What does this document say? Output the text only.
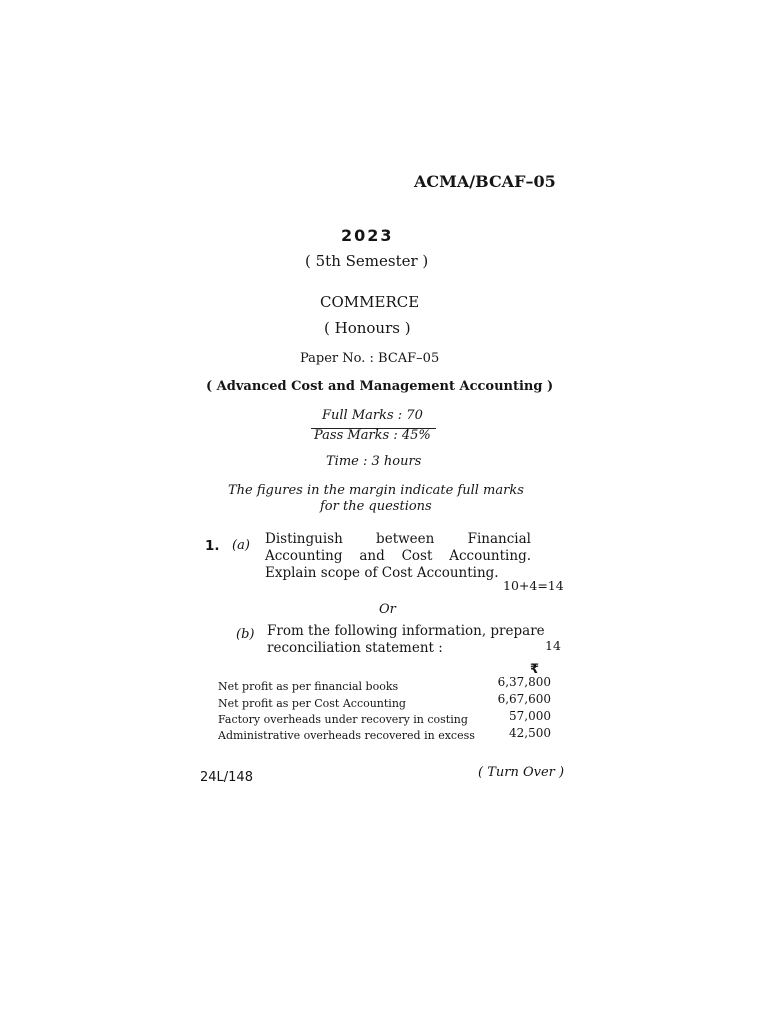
ACMA/BCAF–05
2023
( 5th Semester )
COMMERCE
( Honours )
Paper No. : BCAF–05
( Advanced Cost and Management Accounting )
Full Marks : 70
Pass Marks : 45%
Time : 3 hours
The figures in the margin indicate full marks
for the questions
1. (a) Distinguish between Financial
Accounting and Cost Accounting.
Explain scope of Cost Accounting.
10+4=14
Or
(b) From the following information, prepare
reconciliation statement :	14
₹
Net profit as per financial books	6,37,800
Net profit as per Cost Accounting	6,67,600
Factory overheads under recovery in costing	57,000
Administrative overheads recovered in excess	42,500
24L/148	( Turn Over )
